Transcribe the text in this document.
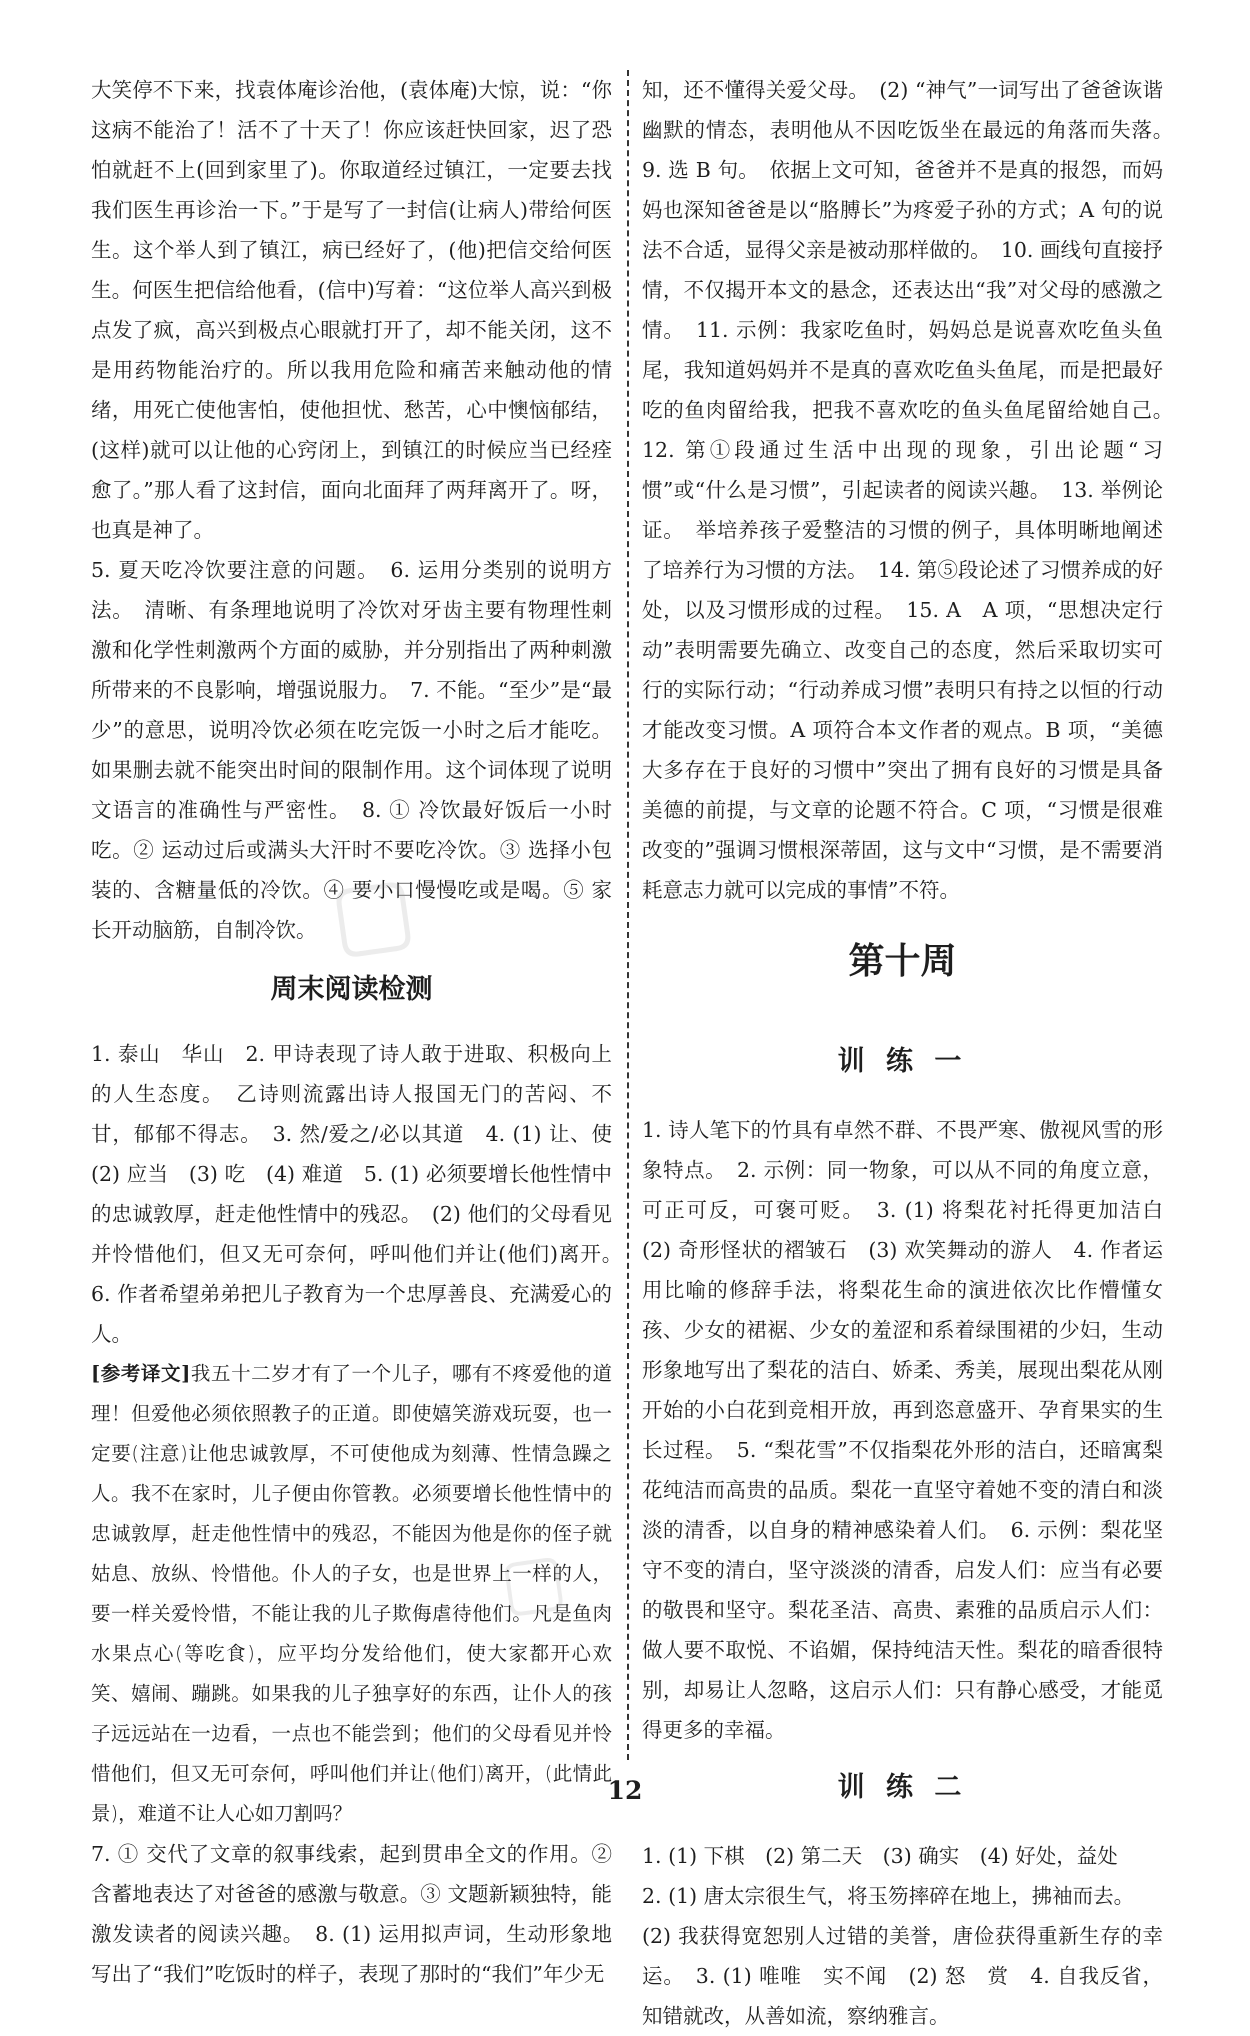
大笑停不下来，找袁体庵诊治他，(袁体庵)大惊，说：“你这病不能治了！活不了十天了！你应该赶快回家，迟了恐怕就赶不上(回到家里了)。你取道经过镇江，一定要去找我们医生再诊治一下。”于是写了一封信(让病人)带给何医生。这个举人到了镇江，病已经好了，(他)把信交给何医生。何医生把信给他看，(信中)写着：“这位举人高兴到极点发了疯，高兴到极点心眼就打开了，却不能关闭，这不是用药物能治疗的。所以我用危险和痛苦来触动他的情绪，用死亡使他害怕，使他担忧、愁苦，心中懊恼郁结，(这样)就可以让他的心窍闭上，到镇江的时候应当已经痊愈了。”那人看了这封信，面向北面拜了两拜离开了。呀，也真是神了。

5. 夏天吃冷饮要注意的问题。　6. 运用分类别的说明方法。　清晰、有条理地说明了冷饮对牙齿主要有物理性刺激和化学性刺激两个方面的威胁，并分别指出了两种刺激所带来的不良影响，增强说服力。　7. 不能。“至少”是“最少”的意思，说明冷饮必须在吃完饭一小时之后才能吃。如果删去就不能突出时间的限制作用。这个词体现了说明文语言的准确性与严密性。　8. ① 冷饮最好饭后一小时吃。② 运动过后或满头大汗时不要吃冷饮。③ 选择小包装的、含糖量低的冷饮。④ 要小口慢慢吃或是喝。⑤ 家长开动脑筋，自制冷饮。

周末阅读检测

1. 泰山　华山　2. 甲诗表现了诗人敢于进取、积极向上的人生态度。　乙诗则流露出诗人报国无门的苦闷、不甘，郁郁不得志。　3. 然/爱之/必以其道　4. (1) 让、使　(2) 应当　(3) 吃　(4) 难道　5. (1) 必须要增长他性情中的忠诚敦厚，赶走他性情中的残忍。　(2) 他们的父母看见并怜惜他们，但又无可奈何，呼叫他们并让(他们)离开。　6. 作者希望弟弟把儿子教育为一个忠厚善良、充满爱心的人。

[参考译文]我五十二岁才有了一个儿子，哪有不疼爱他的道理！但爱他必须依照教子的正道。即使嬉笑游戏玩耍，也一定要(注意)让他忠诚敦厚，不可使他成为刻薄、性情急躁之人。我不在家时，儿子便由你管教。必须要增长他性情中的忠诚敦厚，赶走他性情中的残忍，不能因为他是你的侄子就姑息、放纵、怜惜他。仆人的子女，也是世界上一样的人，要一样关爱怜惜，不能让我的儿子欺侮虐待他们。凡是鱼肉水果点心(等吃食)，应平均分发给他们，使大家都开心欢笑、嬉闹、蹦跳。如果我的儿子独享好的东西，让仆人的孩子远远站在一边看，一点也不能尝到；他们的父母看见并怜惜他们，但又无可奈何，呼叫他们并让(他们)离开，(此情此景)，难道不让人心如刀割吗？

7. ① 交代了文章的叙事线索，起到贯串全文的作用。② 含蓄地表达了对爸爸的感激与敬意。③ 文题新颖独特，能激发读者的阅读兴趣。　8. (1) 运用拟声词，生动形象地写出了“我们”吃饭时的样子，表现了那时的“我们”年少无

知，还不懂得关爱父母。　(2) “神气”一词写出了爸爸诙谐幽默的情态，表明他从不因吃饭坐在最远的角落而失落。　9. 选 B 句。　依据上文可知，爸爸并不是真的报怨，而妈妈也深知爸爸是以“胳膊长”为疼爱子孙的方式；A 句的说法不合适，显得父亲是被动那样做的。　10. 画线句直接抒情，不仅揭开本文的悬念，还表达出“我”对父母的感激之情。　11. 示例：我家吃鱼时，妈妈总是说喜欢吃鱼头鱼尾，我知道妈妈并不是真的喜欢吃鱼头鱼尾，而是把最好吃的鱼肉留给我，把我不喜欢吃的鱼头鱼尾留给她自己。　12. 第①段通过生活中出现的现象，引出论题“习惯”或“什么是习惯”，引起读者的阅读兴趣。　13. 举例论证。　举培养孩子爱整洁的习惯的例子，具体明晰地阐述了培养行为习惯的方法。　14. 第⑤段论述了习惯养成的好处，以及习惯形成的过程。　15. A　A 项，“思想决定行动”表明需要先确立、改变自己的态度，然后采取切实可行的实际行动；“行动养成习惯”表明只有持之以恒的行动才能改变习惯。A 项符合本文作者的观点。B 项，“美德大多存在于良好的习惯中”突出了拥有良好的习惯是具备美德的前提，与文章的论题不符合。C 项，“习惯是很难改变的”强调习惯根深蒂固，这与文中“习惯，是不需要消耗意志力就可以完成的事情”不符。

第十周
训 练 一

1. 诗人笔下的竹具有卓然不群、不畏严寒、傲视风雪的形象特点。　2. 示例：同一物象，可以从不同的角度立意，可正可反，可褒可贬。　3. (1) 将梨花衬托得更加洁白　(2) 奇形怪状的褶皱石　(3) 欢笑舞动的游人　4. 作者运用比喻的修辞手法，将梨花生命的演进依次比作懵懂女孩、少女的裙裾、少女的羞涩和系着绿围裙的少妇，生动形象地写出了梨花的洁白、娇柔、秀美，展现出梨花从刚开始的小白花到竞相开放，再到恣意盛开、孕育果实的生长过程。　5. “梨花雪”不仅指梨花外形的洁白，还暗寓梨花纯洁而高贵的品质。梨花一直坚守着她不变的清白和淡淡的清香，以自身的精神感染着人们。　6. 示例：梨花坚守不变的清白，坚守淡淡的清香，启发人们：应当有必要的敬畏和坚守。梨花圣洁、高贵、素雅的品质启示人们：做人要不取悦、不谄媚，保持纯洁天性。梨花的暗香很特别，却易让人忽略，这启示人们：只有静心感受，才能觅得更多的幸福。

训 练 二

1. (1) 下棋　(2) 第二天　(3) 确实　(4) 好处，益处

2. (1) 唐太宗很生气，将玉笏摔碎在地上，拂袖而去。

(2) 我获得宽恕别人过错的美誉，唐俭获得重新生存的幸运。　3. (1) 唯唯　实不闻　(2) 怒　赏　4. 自我反省，知错就改，从善如流，察纳雅言。

12
▢
▢
